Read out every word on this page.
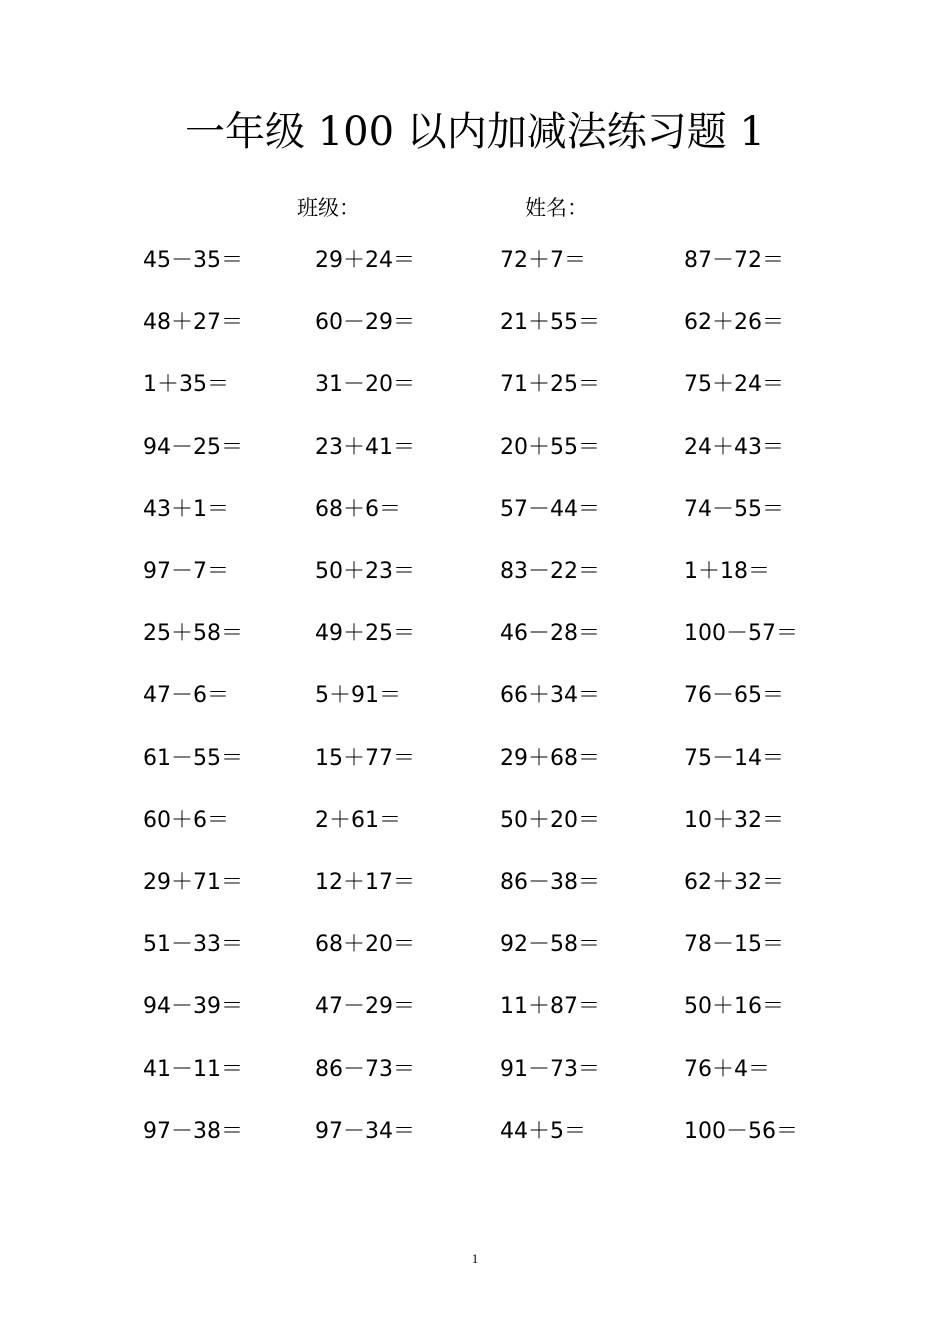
一年级 100 以内加减法练习题 1
班级：	姓名：
45－35＝	29＋24＝	72＋7＝	87－72＝
48＋27＝	60－29＝	21＋55＝	62＋26＝
1＋35＝	31－20＝	71＋25＝	75＋24＝
94－25＝	23＋41＝	20＋55＝	24＋43＝
43＋1＝	68＋6＝	57－44＝	74－55＝
97－7＝	50＋23＝	83－22＝	1＋18＝
25＋58＝	49＋25＝	46－28＝	100－57＝
47－6＝	5＋91＝	66＋34＝	76－65＝
61－55＝	15＋77＝	29＋68＝	75－14＝
60＋6＝	2＋61＝	50＋20＝	10＋32＝
29＋71＝	12＋17＝	86－38＝	62＋32＝
51－33＝	68＋20＝	92－58＝	78－15＝
94－39＝	47－29＝	11＋87＝	50＋16＝
41－11＝	86－73＝	91－73＝	76＋4＝
97－38＝	97－34＝	44＋5＝	100－56＝
1
